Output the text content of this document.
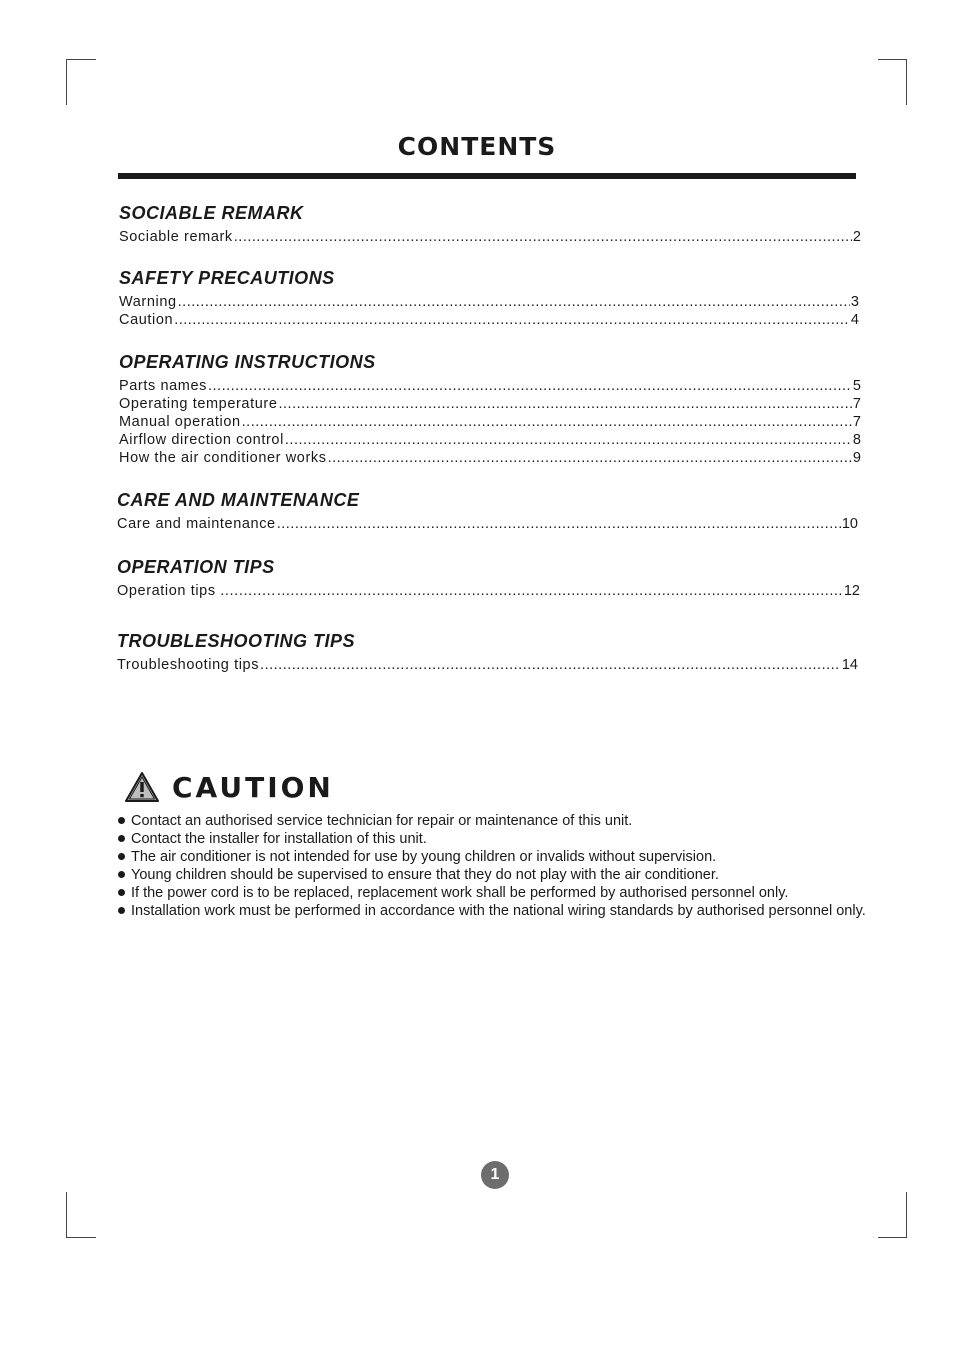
CONTENTS
SOCIABLE REMARK
Sociable remark .....	2
SAFETY PRECAUTIONS
Warning .....	3
Caution .....	4
OPERATING INSTRUCTIONS
Parts names .....	5
Operating temperature .....	7
Manual operation .....	7
Airflow direction control .....	8
How the air conditioner works .....	9
CARE AND MAINTENANCE
Care and maintenance .....	10
OPERATION TIPS
Operation tips ............ .....	12
TROUBLESHOOTING TIPS
Troubleshooting tips .....	14
CAUTION
Contact an authorised service technician for repair or maintenance of this unit.
Contact the installer for installation of this unit.
The air conditioner is not intended for use by young children or invalids without supervision.
Young children should be supervised to ensure that they do not play with the air conditioner.
If the power cord is to be replaced, replacement work shall be performed by authorised personnel only.
Installation work must be performed in accordance with the national wiring standards by authorised personnel only.
1
